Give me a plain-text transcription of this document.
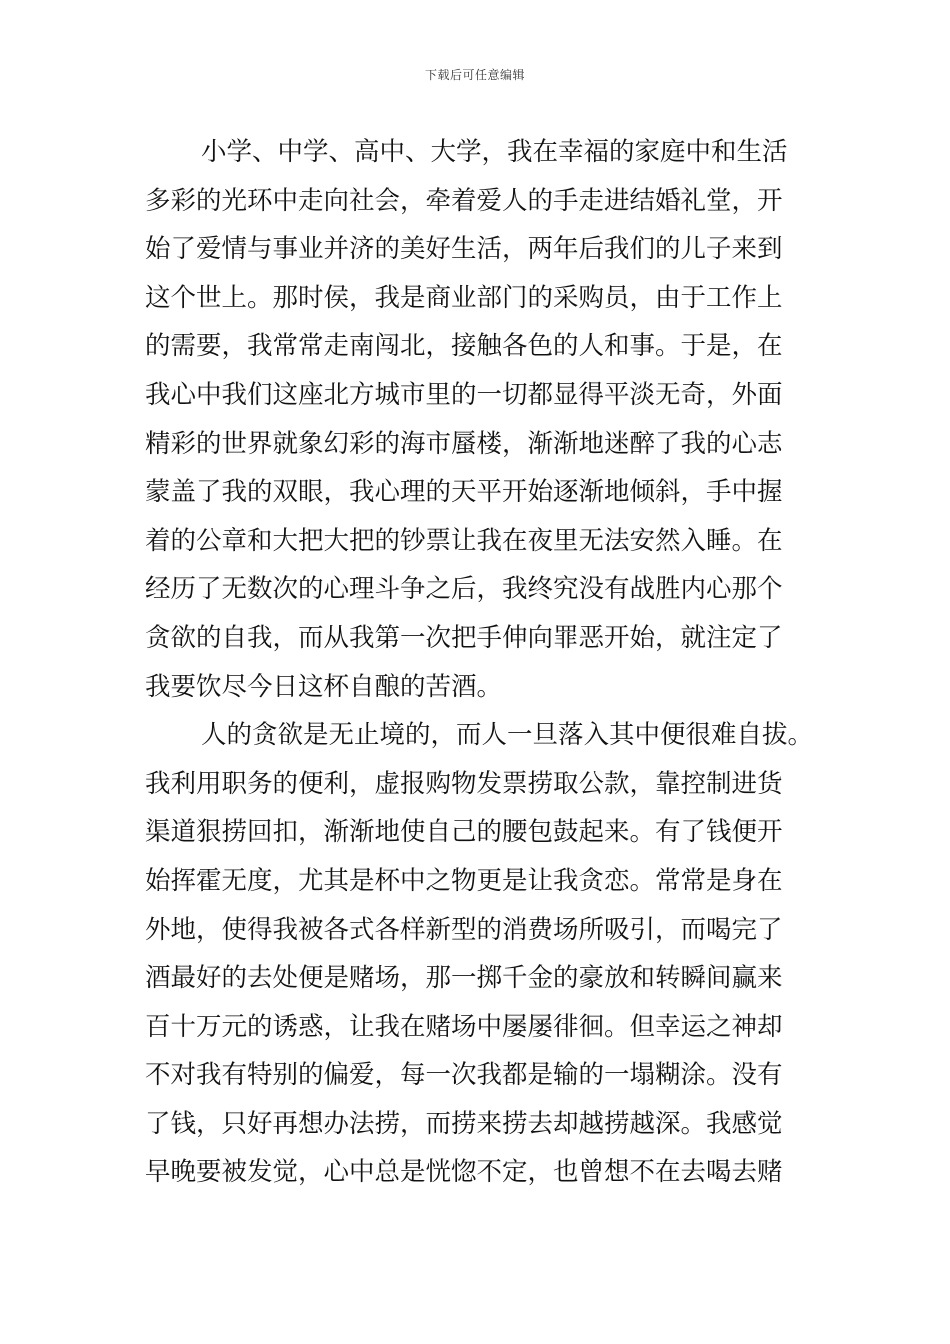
下载后可任意编辑
小学、中学、高中、大学，我在幸福的家庭中和生活
多彩的光环中走向社会，牵着爱人的手走进结婚礼堂，开
始了爱情与事业并济的美好生活，两年后我们的儿子来到
这个世上。那时侯，我是商业部门的采购员，由于工作上
的需要，我常常走南闯北，接触各色的人和事。于是，在
我心中我们这座北方城市里的一切都显得平淡无奇，外面
精彩的世界就象幻彩的海市蜃楼，渐渐地迷醉了我的心志
蒙盖了我的双眼，我心理的天平开始逐渐地倾斜，手中握
着的公章和大把大把的钞票让我在夜里无法安然入睡。在
经历了无数次的心理斗争之后，我终究没有战胜内心那个
贪欲的自我，而从我第一次把手伸向罪恶开始，就注定了
我要饮尽今日这杯自酿的苦酒。
人的贪欲是无止境的，而人一旦落入其中便很难自拔。
我利用职务的便利，虚报购物发票捞取公款，靠控制进货
渠道狠捞回扣，渐渐地使自己的腰包鼓起来。有了钱便开
始挥霍无度，尤其是杯中之物更是让我贪恋。常常是身在
外地，使得我被各式各样新型的消费场所吸引，而喝完了
酒最好的去处便是赌场，那一掷千金的豪放和转瞬间赢来
百十万元的诱惑，让我在赌场中屡屡徘徊。但幸运之神却
不对我有特别的偏爱，每一次我都是输的一塌糊涂。没有
了钱，只好再想办法捞，而捞来捞去却越捞越深。我感觉
早晚要被发觉，心中总是恍惚不定，也曾想不在去喝去赌
